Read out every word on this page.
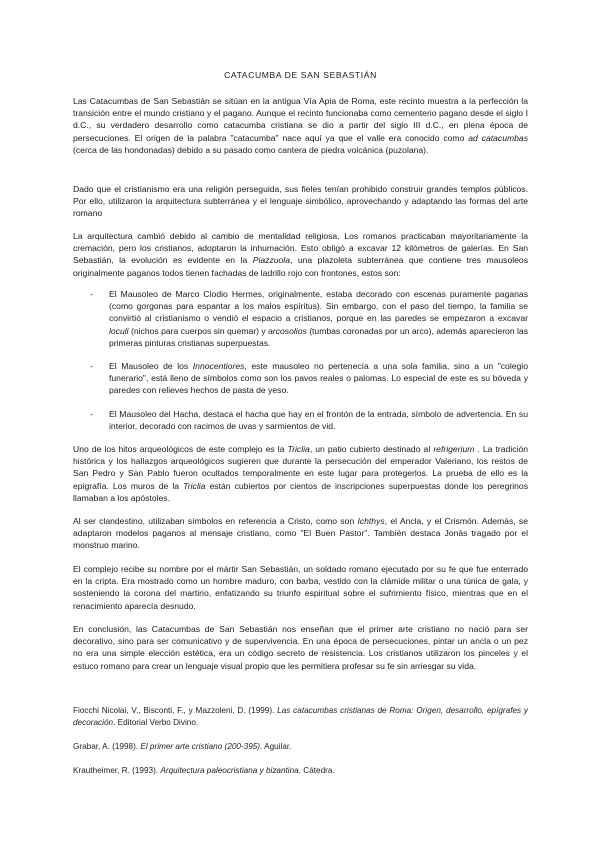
CATACUMBA DE SAN SEBASTIÁN

Las Catacumbas de San Sebastián se sitúan en la antigua Vía Apia de Roma, este recinto muestra a la perfección la transición entre el mundo cristiano y el pagano. Aunque el recinto funcionaba como cementerio pagano desde el siglo I d.C., su verdadero desarrollo como catacumba cristiana se dio a partir del siglo III d.C., en plena época de persecuciones. El origen de la palabra "catacumba" nace aquí ya que el valle era conocido como ad catacumbas (cerca de las hondonadas) debido a su pasado como cantera de piedra volcánica (puzolana).

Dado que el cristianismo era una religión perseguida, sus fieles tenían prohibido construir grandes templos públicos. Por ello, utilizaron la arquitectura subterránea y el lenguaje simbólico, aprovechando y adaptando las formas del arte romano

La arquitectura cambió debido al cambio de mentalidad religiosa. Los romanos practicaban mayoritariamente la cremación, pero los cristianos, adoptaron la inhumación. Esto obligó a excavar 12 kilómetros de galerías. En San Sebastián, la evolución es evidente en la Piazzuola, una plazoleta subterránea que contiene tres mausoleos originalmente paganos todos tienen fachadas de ladrillo rojo con frontones, estos son:

- El Mausoleo de Marco Clodio Hermes, originalmente, estaba decorado con escenas puramente paganas (como gorgonas para espantar a los malos espíritus). Sin embargo, con el paso del tiempo, la familia se convirtió al cristianismo o vendió el espacio a cristianos, porque en las paredes se empezaron a excavar loculi (nichos para cuerpos sin quemar) y arcosolios (tumbas coronadas por un arco), además aparecieron las primeras pinturas cristianas superpuestas.
- El Mausoleo de los Innocentiores, este mausoleo no pertenecía a una sola familia, sino a un "colegio funerario", está lleno de símbolos como son los pavos reales o palomas. Lo especial de este es su bóveda y paredes con relieves hechos de pasta de yeso.
- El Mausoleo del Hacha, destaca el hacha que hay en el frontón de la entrada, símbolo de advertencia. En su interior, decorado con racimos de uvas y sarmientos de vid.

Uno de los hitos arqueológicos de este complejo es la Triclia, un patio cubierto destinado al refrigerium . La tradición histórica y los hallazgos arqueológicos sugieren que durante la persecución del emperador Valeriano, los restos de San Pedro y San Pablo fueron ocultados temporalmente en este lugar para protegerlos. La prueba de ello es la epigrafía. Los muros de la Triclia están cubiertos por cientos de inscripciones superpuestas donde los peregrinos llamaban a los apóstoles.

Al ser clandestino, utilizaban símbolos en referencia a Cristo, como son Ichthys, el Ancla, y el Crismón. Además, se adaptaron modelos paganos al mensaje cristiano, como "El Buen Pastor". También destaca Jonás tragado por el monstruo marino.

El complejo recibe su nombre por el mártir San Sebastián, un soldado romano ejecutado por su fe que fue enterrado en la cripta. Era mostrado como un hombre maduro, con barba, vestido con la clámide militar o una túnica de gala, y sosteniendo la corona del martirio, enfatizando su triunfo espiritual sobre el sufrimiento físico, mientras que en el renacimiento aparecía desnudo.

En conclusión, las Catacumbas de San Sebastián nos enseñan que el primer arte cristiano no nació para ser decorativo, sino para ser comunicativo y de supervivencia. En una época de persecuciones, pintar un ancla o un pez no era una simple elección estética, era un código secreto de resistencia. Los cristianos utilizaron los pinceles y el estuco romano para crear un lenguaje visual propio que les permitiera profesar su fe sin arriesgar su vida.

Fiocchi Nicolai, V., Bisconti, F., y Mazzoleni, D. (1999). Las catacumbas cristianas de Roma: Origen, desarrollo, epígrafes y decoración. Editorial Verbo Divino.

Grabar, A. (1998). El primer arte cristiano (200-395). Aguilar.

Krautheimer, R. (1993). Arquitectura paleocristiana y bizantina. Cátedra.
